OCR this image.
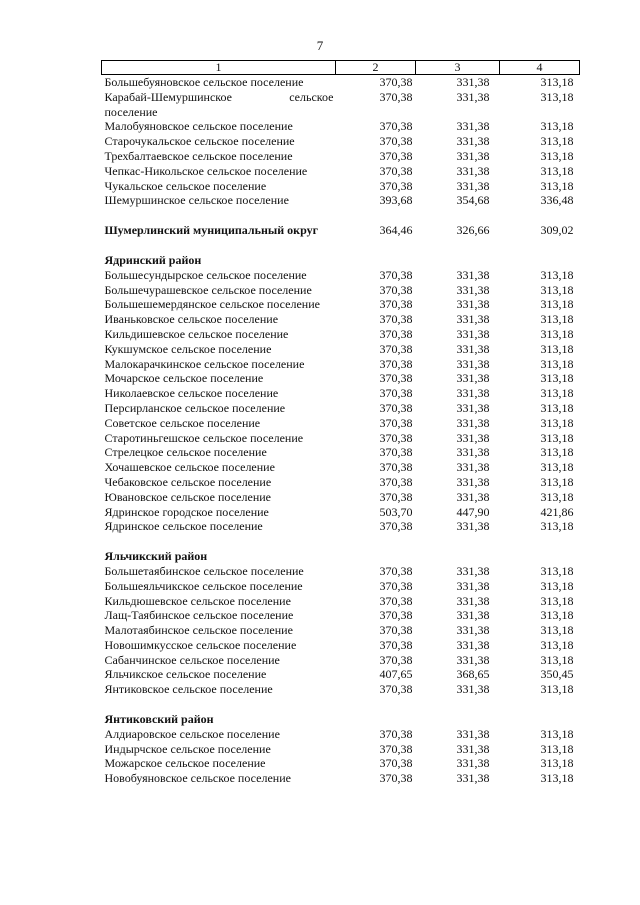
7
1	2	3	4
Большебуяновское сельское поселение	370,38	331,38	313,18
Карабай-Шемуршинское сельское поселение	370,38	331,38	313,18
Малобуяновское сельское поселение	370,38	331,38	313,18
Старочукальское сельское поселение	370,38	331,38	313,18
Трехбалтаевское сельское поселение	370,38	331,38	313,18
Чепкас-Никольское сельское поселение	370,38	331,38	313,18
Чукальское сельское поселение	370,38	331,38	313,18
Шемуршинское сельское поселение	393,68	354,68	336,48

Шумерлинский муниципальный округ	364,46	326,66	309,02

Ядринский район			
Большесундырское сельское поселение	370,38	331,38	313,18
Большечурашевское сельское поселение	370,38	331,38	313,18
Большешемердянское сельское поселение	370,38	331,38	313,18
Иваньковское сельское поселение	370,38	331,38	313,18
Кильдишевское сельское поселение	370,38	331,38	313,18
Кукшумское сельское поселение	370,38	331,38	313,18
Малокарачкинское сельское поселение	370,38	331,38	313,18
Мочарское сельское поселение	370,38	331,38	313,18
Николаевское сельское поселение	370,38	331,38	313,18
Персирланское сельское поселение	370,38	331,38	313,18
Советское сельское поселение	370,38	331,38	313,18
Старотиньгешское сельское поселение	370,38	331,38	313,18
Стрелецкое сельское поселение	370,38	331,38	313,18
Хочашевское сельское поселение	370,38	331,38	313,18
Чебаковское сельское поселение	370,38	331,38	313,18
Ювановское сельское поселение	370,38	331,38	313,18
Ядринское городское поселение	503,70	447,90	421,86
Ядринское сельское поселение	370,38	331,38	313,18

Яльчикский район			
Большетаябинское сельское поселение	370,38	331,38	313,18
Большеяльчикское сельское поселение	370,38	331,38	313,18
Кильдюшевское сельское поселение	370,38	331,38	313,18
Лащ-Таябинское сельское поселение	370,38	331,38	313,18
Малотаябинское сельское поселение	370,38	331,38	313,18
Новошимкусское сельское поселение	370,38	331,38	313,18
Сабанчинское сельское поселение	370,38	331,38	313,18
Яльчикское сельское поселение	407,65	368,65	350,45
Янтиковское сельское поселение	370,38	331,38	313,18

Янтиковский район			
Алдиаровское сельское поселение	370,38	331,38	313,18
Индырчское сельское поселение	370,38	331,38	313,18
Можарское сельское поселение	370,38	331,38	313,18
Новобуяновское сельское поселение	370,38	331,38	313,18
